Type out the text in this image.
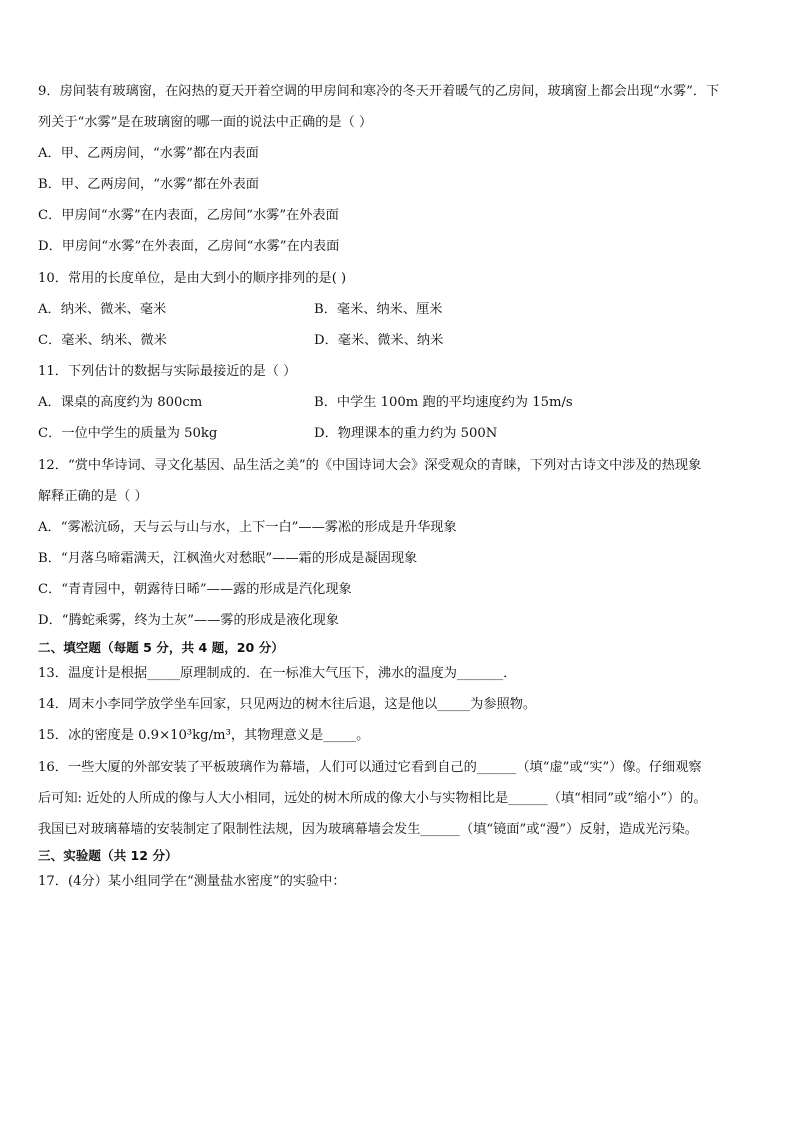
9．房间装有玻璃窗，在闷热的夏天开着空调的甲房间和寒冷的冬天开着暖气的乙房间，玻璃窗上都会出现“水雾”．下
列关于“水雾”是在玻璃窗的哪一面的说法中正确的是（ ）
A．甲、乙两房间，“水雾”都在内表面
B．甲、乙两房间，“水雾”都在外表面
C．甲房间“水雾”在内表面，乙房间“水雾”在外表面
D．甲房间“水雾”在外表面，乙房间“水雾”在内表面
10．常用的长度单位，是由大到小的顺序排列的是( )
A．纳米、微米、毫米	B．毫米、纳米、厘米
C．毫米、纳米、微米	D．毫米、微米、纳米
11．下列估计的数据与实际最接近的是（ ）
A．课桌的高度约为 800cm	B．中学生 100m 跑的平均速度约为 15m/s
C．一位中学生的质量为 50kg	D．物理课本的重力约为 500N
12．“赏中华诗词、寻文化基因、品生活之美”的《中国诗词大会》深受观众的青睐，下列对古诗文中涉及的热现象
解释正确的是（ ）
A．“雾凇沆砀，天与云与山与水，上下一白”——雾凇的形成是升华现象
B．“月落乌啼霜满天，江枫渔火对愁眠”——霜的形成是凝固现象
C．“青青园中，朝露待日晞”——露的形成是汽化现象
D．“腾蛇乘雾，终为土灰”——雾的形成是液化现象
二、填空题（每题 5 分，共 4 题，20 分）
13．温度计是根据_____原理制成的．在一标准大气压下，沸水的温度为_______．
14．周末小李同学放学坐车回家，只见两边的树木往后退，这是他以_____为参照物。
15．冰的密度是 0.9×10³kg/m³，其物理意义是_____。
16．一些大厦的外部安装了平板玻璃作为幕墙，人们可以通过它看到自己的______（填“虚”或“实”）像。仔细观察
后可知: 近处的人所成的像与人大小相同，远处的树木所成的像大小与实物相比是______（填“相同”或“缩小”）的。
我国已对玻璃幕墙的安装制定了限制性法规，因为玻璃幕墙会发生______（填“镜面”或“漫”）反射，造成光污染。
三、实验题（共 12 分）
17．(4分）某小组同学在“测量盐水密度”的实验中：
